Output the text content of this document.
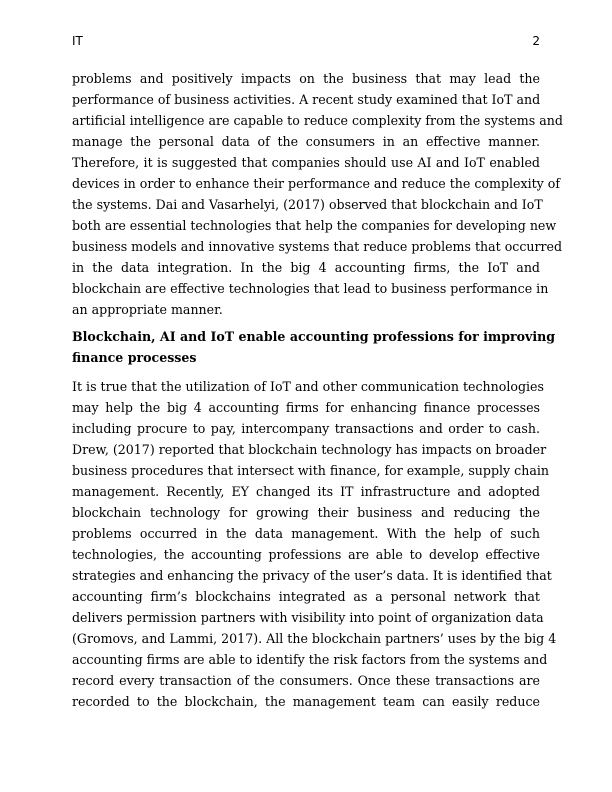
IT	2
problems and positively impacts on the business that may lead the
performance of business activities. A recent study examined that IoT and
artificial intelligence are capable to reduce complexity from the systems and
manage the personal data of the consumers in an effective manner.
Therefore, it is suggested that companies should use AI and IoT enabled
devices in order to enhance their performance and reduce the complexity of
the systems. Dai and Vasarhelyi, (2017) observed that blockchain and IoT
both are essential technologies that help the companies for developing new
business models and innovative systems that reduce problems that occurred
in the data integration. In the big 4 accounting firms, the IoT and
blockchain are effective technologies that lead to business performance in
an appropriate manner.
Blockchain, AI and IoT enable accounting professions for improving
finance processes
It is true that the utilization of IoT and other communication technologies
may help the big 4 accounting firms for enhancing finance processes
including procure to pay, intercompany transactions and order to cash.
Drew, (2017) reported that blockchain technology has impacts on broader
business procedures that intersect with finance, for example, supply chain
management. Recently, EY changed its IT infrastructure and adopted
blockchain technology for growing their business and reducing the
problems occurred in the data management. With the help of such
technologies, the accounting professions are able to develop effective
strategies and enhancing the privacy of the user’s data. It is identified that
accounting firm’s blockchains integrated as a personal network that
delivers permission partners with visibility into point of organization data
(Gromovs, and Lammi, 2017). All the blockchain partners’ uses by the big 4
accounting firms are able to identify the risk factors from the systems and
record every transaction of the consumers. Once these transactions are
recorded to the blockchain, the management team can easily reduce
